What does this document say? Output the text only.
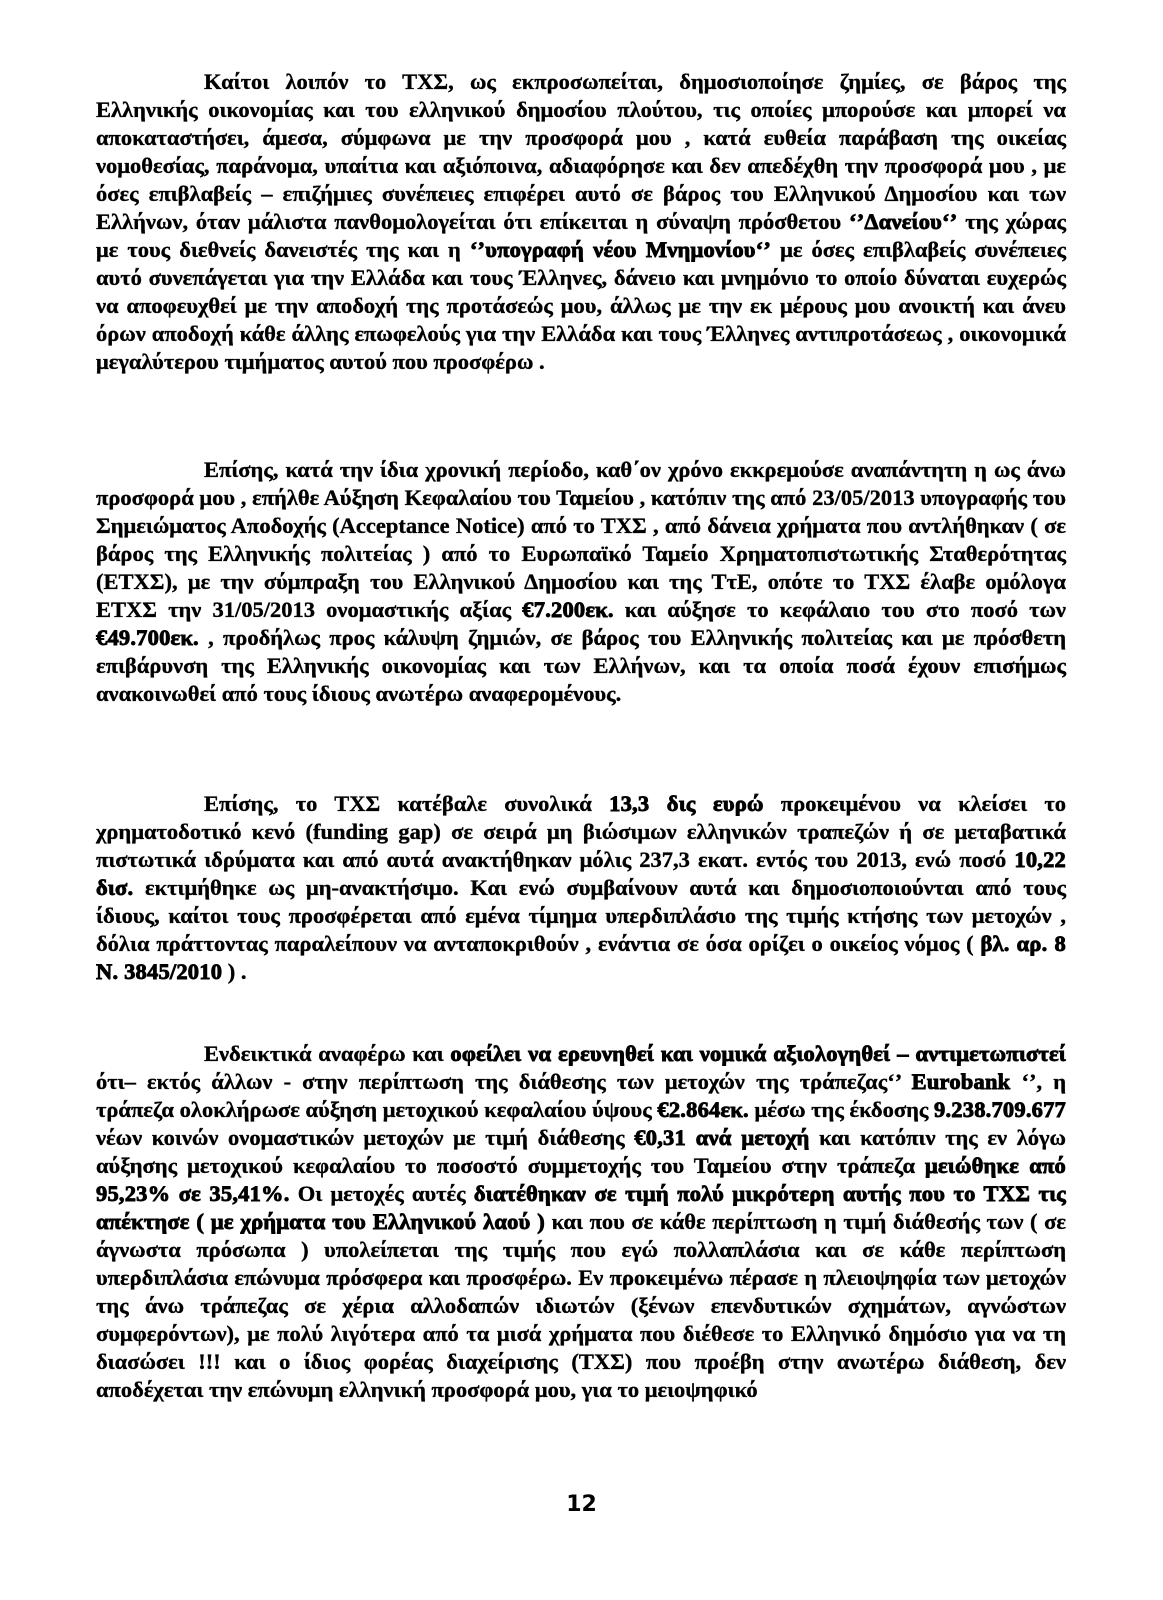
Καίτοι λοιπόν το ΤΧΣ, ως εκπροσωπείται, δημοσιοποίησε ζημίες, σε βάρος της Ελληνικής οικονομίας και του ελληνικού δημοσίου πλούτου, τις οποίες μπορούσε και μπορεί να αποκαταστήσει, άμεσα, σύμφωνα με την προσφορά μου , κατά ευθεία παράβαση της οικείας νομοθεσίας, παράνομα, υπαίτια και αξιόποινα, αδιαφόρησε και δεν απεδέχθη την προσφορά μου , με όσες επιβλαβείς – επιζήμιες συνέπειες επιφέρει αυτό σε βάρος του Ελληνικού Δημοσίου και των Ελλήνων, όταν μάλιστα πανθομολογείται ότι επίκειται η σύναψη πρόσθετου ‘’Δανείου‘’ της χώρας με τους διεθνείς δανειστές της και η ‘’υπογραφή νέου Μνημονίου‘’ με όσες επιβλαβείς συνέπειες αυτό συνεπάγεται για την Ελλάδα και τους Έλληνες, δάνειο και μνημόνιο το οποίο δύναται ευχερώς να αποφευχθεί με την αποδοχή της προτάσεώς μου, άλλως με την εκ μέρους μου ανοικτή και άνευ όρων αποδοχή κάθε άλλης επωφελούς για την Ελλάδα και τους Έλληνες αντιπροτάσεως , οικονομικά μεγαλύτερου τιμήματος αυτού που προσφέρω .

Επίσης, κατά την ίδια χρονική περίοδο, καθ΄ον χρόνο εκκρεμούσε αναπάντητη η ως άνω προσφορά μου , επήλθε Αύξηση Κεφαλαίου του Ταμείου , κατόπιν της από 23/05/2013 υπογραφής του Σημειώματος Αποδοχής (Acceptance Notice) από το ΤΧΣ , από δάνεια χρήματα που αντλήθηκαν ( σε βάρος της Ελληνικής πολιτείας ) από το Ευρωπαϊκό Ταμείο Χρηματοπιστωτικής Σταθερότητας (ΕΤΧΣ), με την σύμπραξη του Ελληνικού Δημοσίου και της ΤτΕ, οπότε το ΤΧΣ έλαβε ομόλογα ΕΤΧΣ την 31/05/2013 ονομαστικής αξίας €7.200εκ. και αύξησε το κεφάλαιο του στο ποσό των €49.700εκ. , προδήλως προς κάλυψη ζημιών, σε βάρος του Ελληνικής πολιτείας και με πρόσθετη επιβάρυνση της Ελληνικής οικονομίας και των Ελλήνων, και τα οποία ποσά έχουν επισήμως ανακοινωθεί από τους ίδιους ανωτέρω αναφερομένους.

Επίσης, το ΤΧΣ κατέβαλε συνολικά 13,3 δις ευρώ προκειμένου να κλείσει το χρηματοδοτικό κενό (funding gap) σε σειρά μη βιώσιμων ελληνικών τραπεζών ή σε μεταβατικά πιστωτικά ιδρύματα και από αυτά ανακτήθηκαν μόλις 237,3 εκατ. εντός του 2013, ενώ ποσό 10,22 δισ. εκτιμήθηκε ως μη-ανακτήσιμο. Και ενώ συμβαίνουν αυτά και δημοσιοποιούνται από τους ίδιους, καίτοι τους προσφέρεται από εμένα τίμημα υπερδιπλάσιο της τιμής κτήσης των μετοχών , δόλια πράττοντας παραλείπουν να ανταποκριθούν , ενάντια σε όσα ορίζει ο οικείος νόμος ( βλ. αρ. 8 Ν. 3845/2010 ) .

Ενδεικτικά αναφέρω και οφείλει να ερευνηθεί και νομικά αξιολογηθεί – αντιμετωπιστεί ότι– εκτός άλλων - στην περίπτωση της διάθεσης των μετοχών της τράπεζας‘’ Eurobank ‘’, η τράπεζα ολοκλήρωσε αύξηση μετοχικού κεφαλαίου ύψους €2.864εκ. μέσω της έκδοσης 9.238.709.677 νέων κοινών ονομαστικών μετοχών με τιμή διάθεσης €0,31 ανά μετοχή και κατόπιν της εν λόγω αύξησης μετοχικού κεφαλαίου το ποσοστό συμμετοχής του Ταμείου στην τράπεζα μειώθηκε από 95,23% σε 35,41%. Οι μετοχές αυτές διατέθηκαν σε τιμή πολύ μικρότερη αυτής που το ΤΧΣ τις απέκτησε ( με χρήματα του Ελληνικού λαού ) και που σε κάθε περίπτωση η τιμή διάθεσής των ( σε άγνωστα πρόσωπα ) υπολείπεται της τιμής που εγώ πολλαπλάσια και σε κάθε περίπτωση υπερδιπλάσια επώνυμα πρόσφερα και προσφέρω. Εν προκειμένω πέρασε η πλειοψηφία των μετοχών της άνω τράπεζας σε χέρια αλλοδαπών ιδιωτών (ξένων επενδυτικών σχημάτων, αγνώστων συμφερόντων), με πολύ λιγότερα από τα μισά χρήματα που διέθεσε το Ελληνικό δημόσιο για να τη διασώσει !!! και ο ίδιος φορέας διαχείρισης (ΤΧΣ) που προέβη στην ανωτέρω διάθεση, δεν αποδέχεται την επώνυμη ελληνική προσφορά μου, για το μειοψηφικό

12
